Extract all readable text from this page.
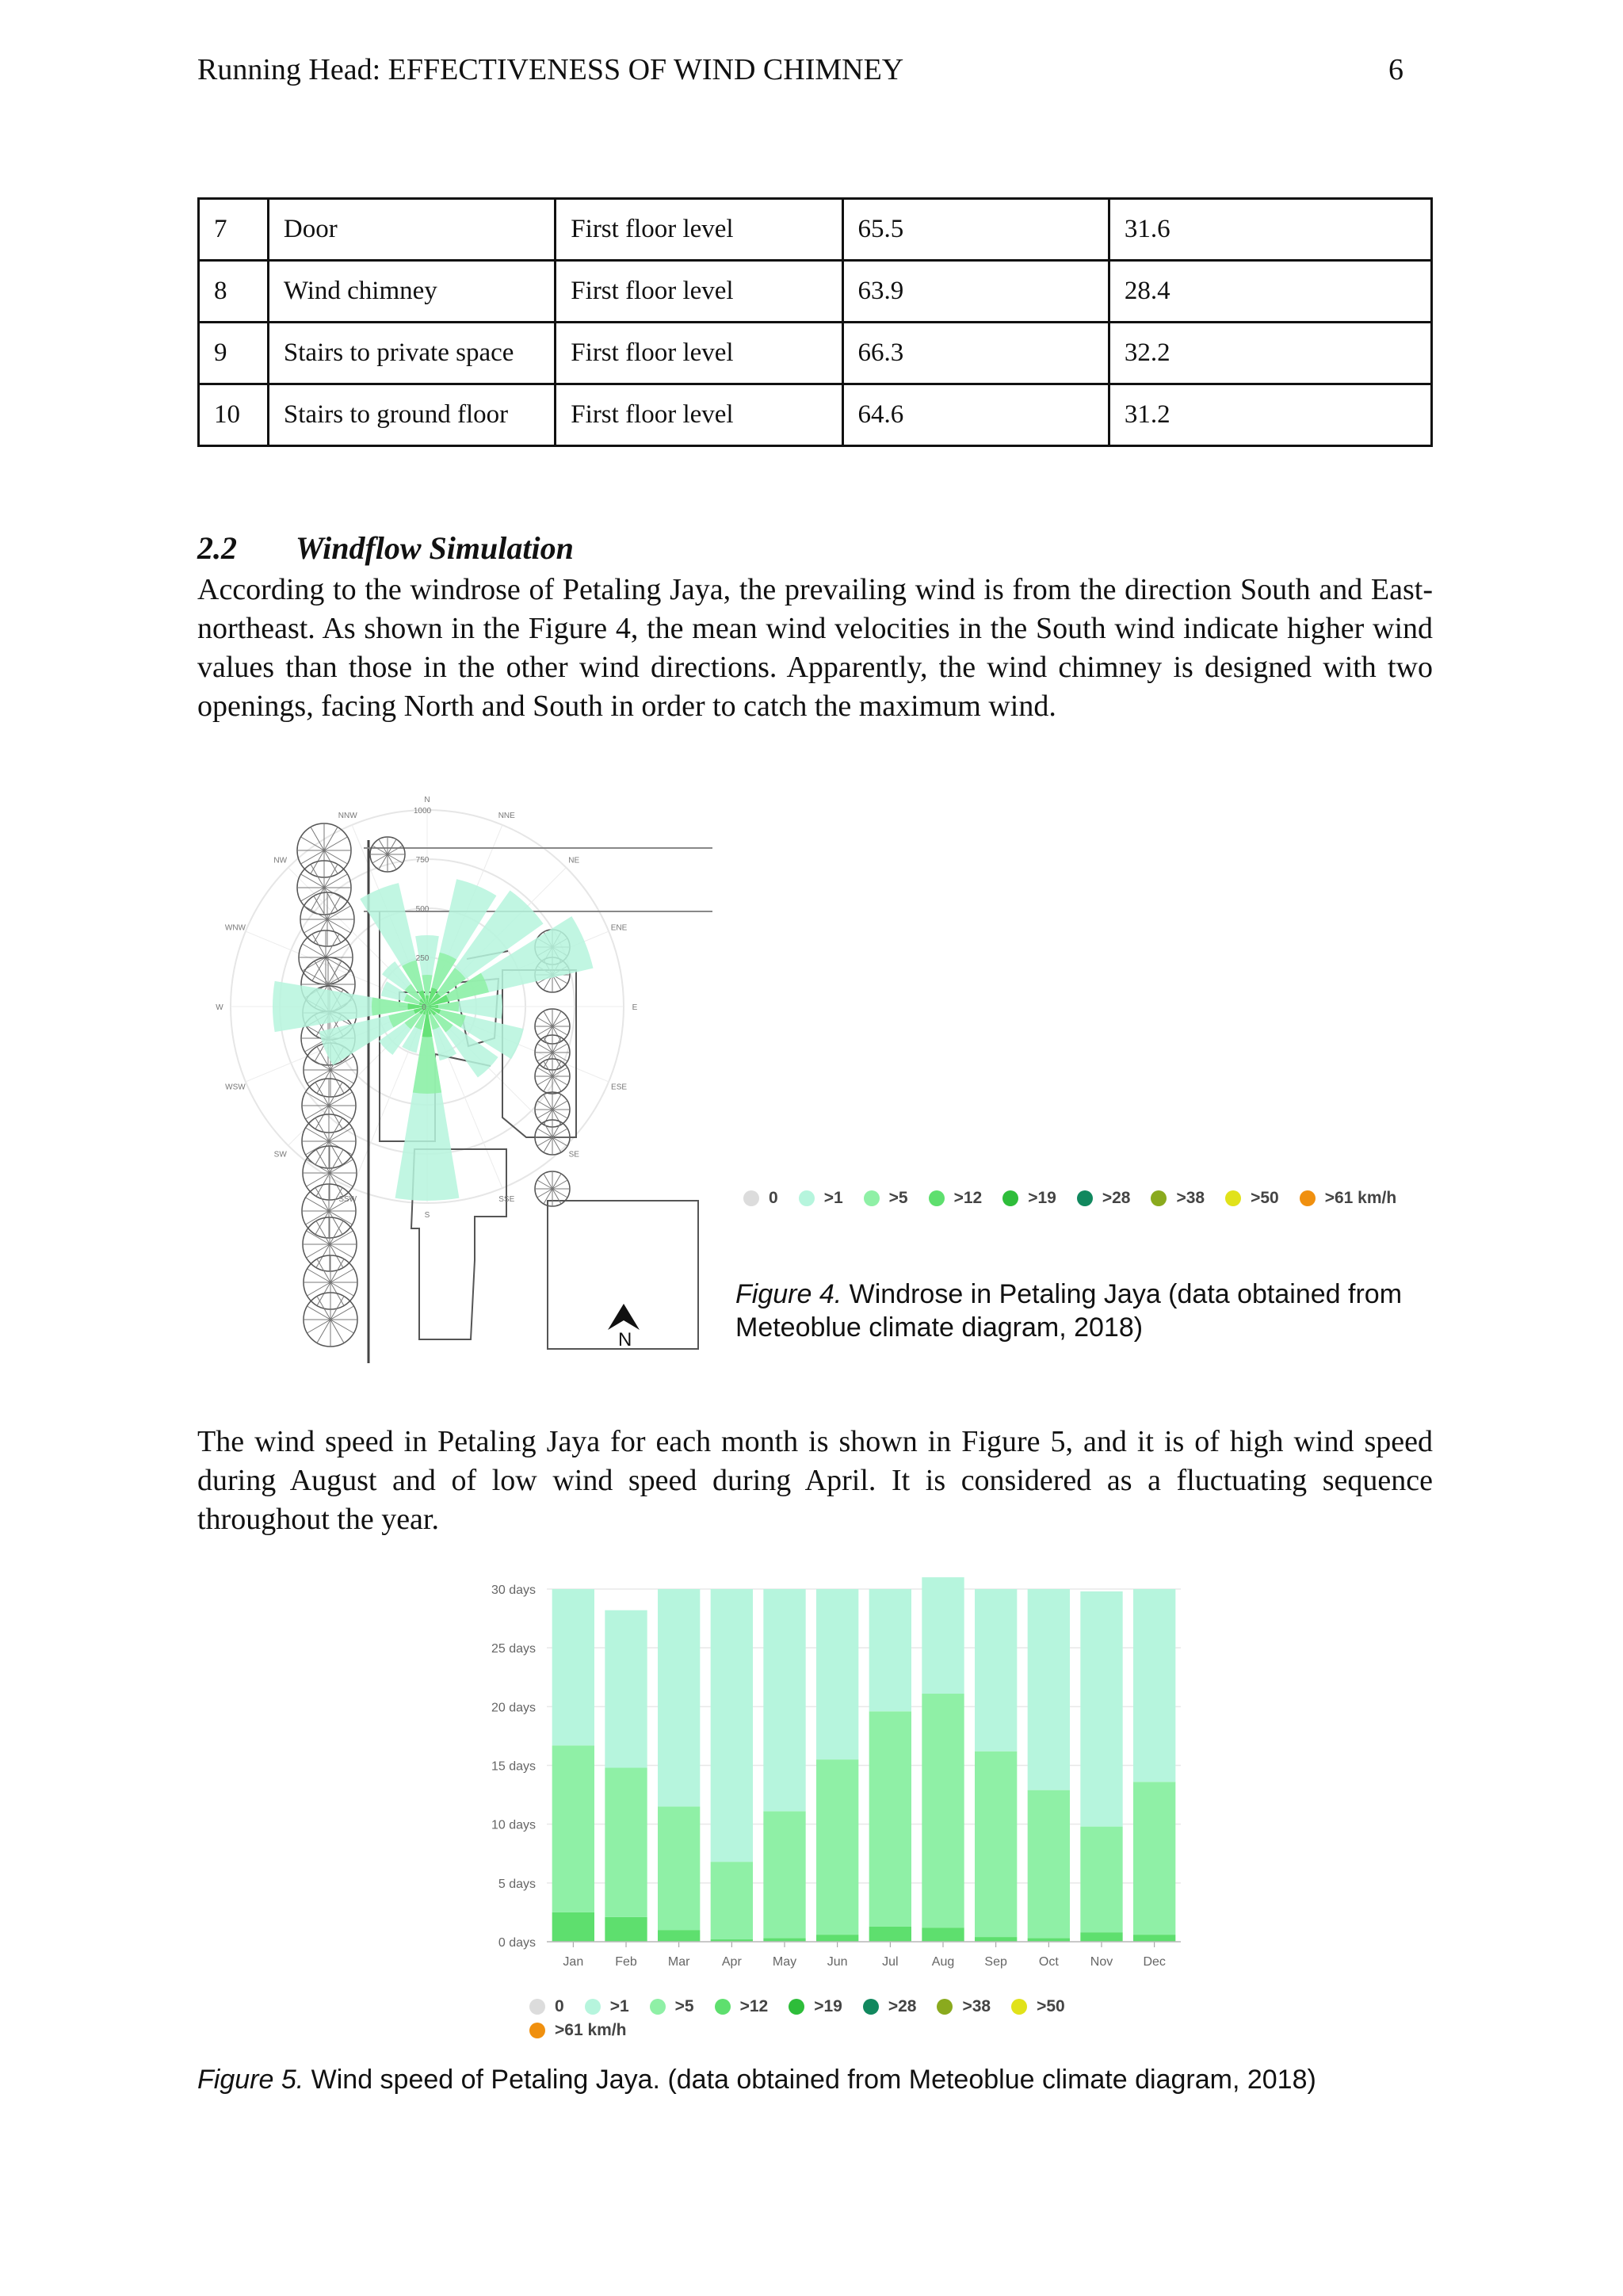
Running Head: EFFECTIVENESS OF WIND CHIMNEY	6
7	Door	First floor level	65.5	31.6
8	Wind chimney	First floor level	63.9	28.4
9	Stairs to private space	First floor level	66.3	32.2
10	Stairs to ground floor	First floor level	64.6	31.2
2.2 Windflow Simulation
According to the windrose of Petaling Jaya, the prevailing wind is from the direction South and East-northeast. As shown in the Figure 4, the mean wind velocities in the South wind indicate higher wind values than those in the other wind directions. Apparently, the wind chimney is designed with two openings, facing North and South in order to catch the maximum wind.
N
NNE
NE
ENE
E
ESE
SE
SSE
S
SSW
SW
WSW
W
WNW
NW
NNW
250
500
750
1000
0
N
0	>1	>5	>12	>19	>28	>38	>50	>61 km/h
Figure 4. Windrose in Petaling Jaya (data obtained from Meteoblue climate diagram, 2018)
The wind speed in Petaling Jaya for each month is shown in Figure 5, and it is of high wind speed during August and of low wind speed during April. It is considered as a fluctuating sequence throughout the year.
0 days
5 days
10 days
15 days
20 days
25 days
30 days
Jan Feb Mar	Apr May Jun	Jul	Aug Sep Oct Nov Dec
0	>1	>5	>12	>19	>28	>38	>50
>61 km/h
Figure 5. Wind speed of Petaling Jaya. (data obtained from Meteoblue climate diagram, 2018)
